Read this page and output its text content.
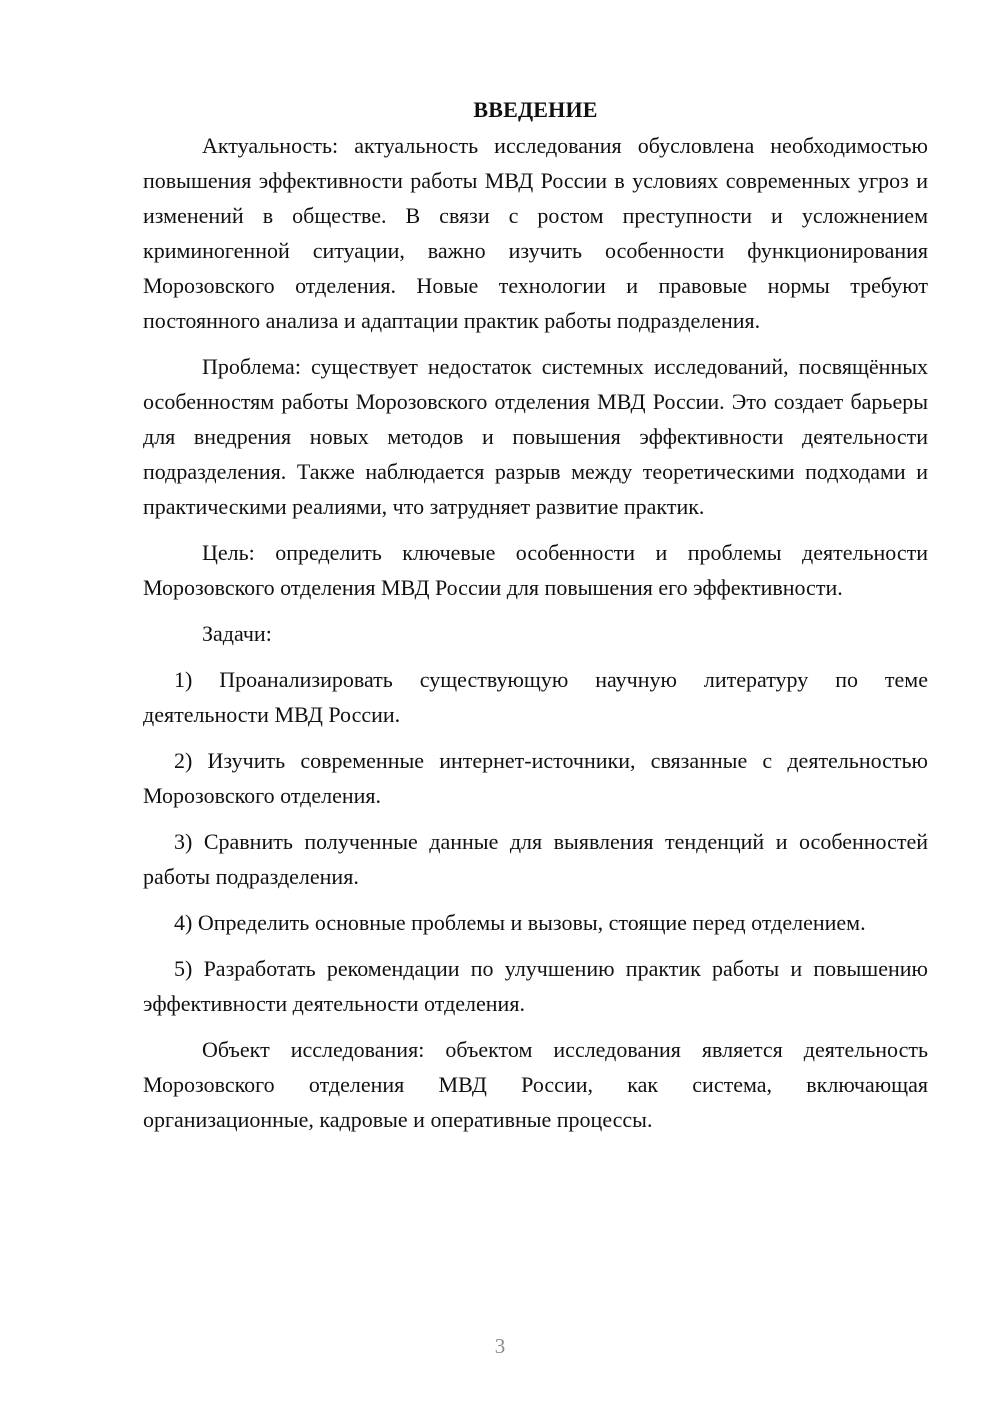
ВВЕДЕНИЕ

Актуальность: актуальность исследования обусловлена необходимостью повышения эффективности работы МВД России в условиях современных угроз и изменений в обществе. В связи с ростом преступности и усложнением криминогенной ситуации, важно изучить особенности функционирования Морозовского отделения. Новые технологии и правовые нормы требуют постоянного анализа и адаптации практик работы подразделения.

Проблема: существует недостаток системных исследований, посвящённых особенностям работы Морозовского отделения МВД России. Это создает барьеры для внедрения новых методов и повышения эффективности деятельности подразделения. Также наблюдается разрыв между теоретическими подходами и практическими реалиями, что затрудняет развитие практик.

Цель: определить ключевые особенности и проблемы деятельности Морозовского отделения МВД России для повышения его эффективности.

Задачи:

1) Проанализировать существующую научную литературу по теме деятельности МВД России.

2) Изучить современные интернет-источники, связанные с деятельностью Морозовского отделения.

3) Сравнить полученные данные для выявления тенденций и особенностей работы подразделения.

4) Определить основные проблемы и вызовы, стоящие перед отделением.

5) Разработать рекомендации по улучшению практик работы и повышению эффективности деятельности отделения.

Объект исследования: объектом исследования является деятельность Морозовского отделения МВД России, как система, включающая организационные, кадровые и оперативные процессы.

3
